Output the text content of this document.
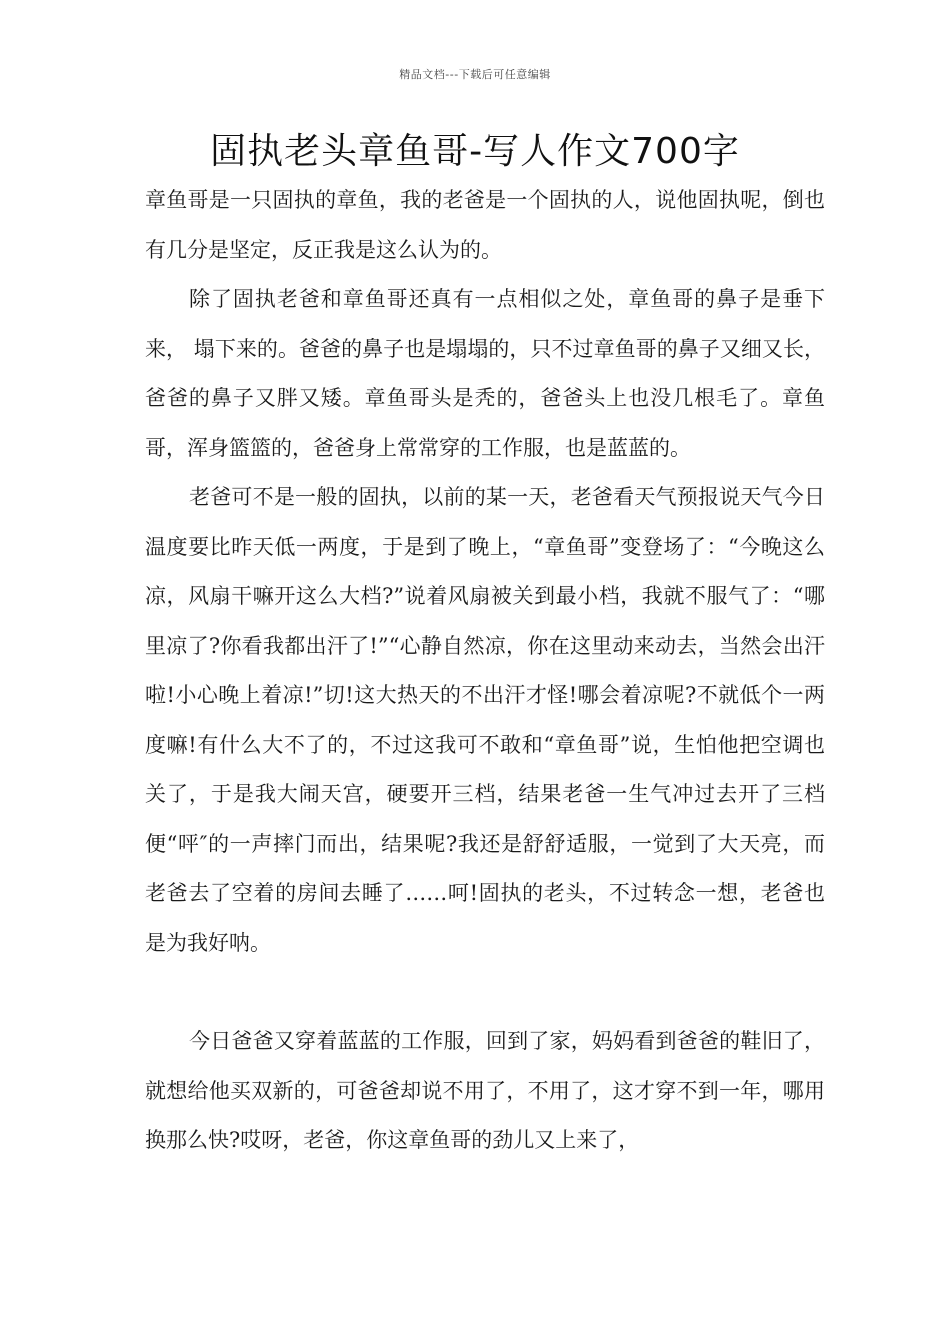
精品文档---下载后可任意编辑
固执老头章鱼哥-写人作文700字

章鱼哥是一只固执的章鱼，我的老爸是一个固执的人，说他固执呢，倒也有几分是坚定，反正我是这么认为的。

除了固执老爸和章鱼哥还真有一点相似之处，章鱼哥的鼻子是垂下来， 塌下来的。爸爸的鼻子也是塌塌的，只不过章鱼哥的鼻子又细又长，爸爸的鼻子又胖又矮。章鱼哥头是秃的，爸爸头上也没几根毛了。章鱼哥，浑身篮篮的，爸爸身上常常穿的工作服，也是蓝蓝的。

老爸可不是一般的固执，以前的某一天，老爸看天气预报说天气今日温度要比昨天低一两度，于是到了晚上，“章鱼哥”变登场了：“今晚这么凉，风扇干嘛开这么大档?”说着风扇被关到最小档，我就不服气了：“哪里凉了?你看我都出汗了!”“心静自然凉，你在这里动来动去，当然会出汗啦!小心晚上着凉!”切!这大热天的不出汗才怪!哪会着凉呢?不就低个一两度嘛!有什么大不了的，不过这我可不敢和“章鱼哥”说，生怕他把空调也关了，于是我大闹天宫，硬要开三档，结果老爸一生气冲过去开了三档便“呯″的一声摔门而出，结果呢?我还是舒舒适服，一觉到了大天亮，而老爸去了空着的房间去睡了……呵!固执的老头，不过转念一想，老爸也是为我好呐。

今日爸爸又穿着蓝蓝的工作服，回到了家，妈妈看到爸爸的鞋旧了，就想给他买双新的，可爸爸却说不用了，不用了，这才穿不到一年，哪用换那么快?哎呀，老爸，你这章鱼哥的劲儿又上来了，
